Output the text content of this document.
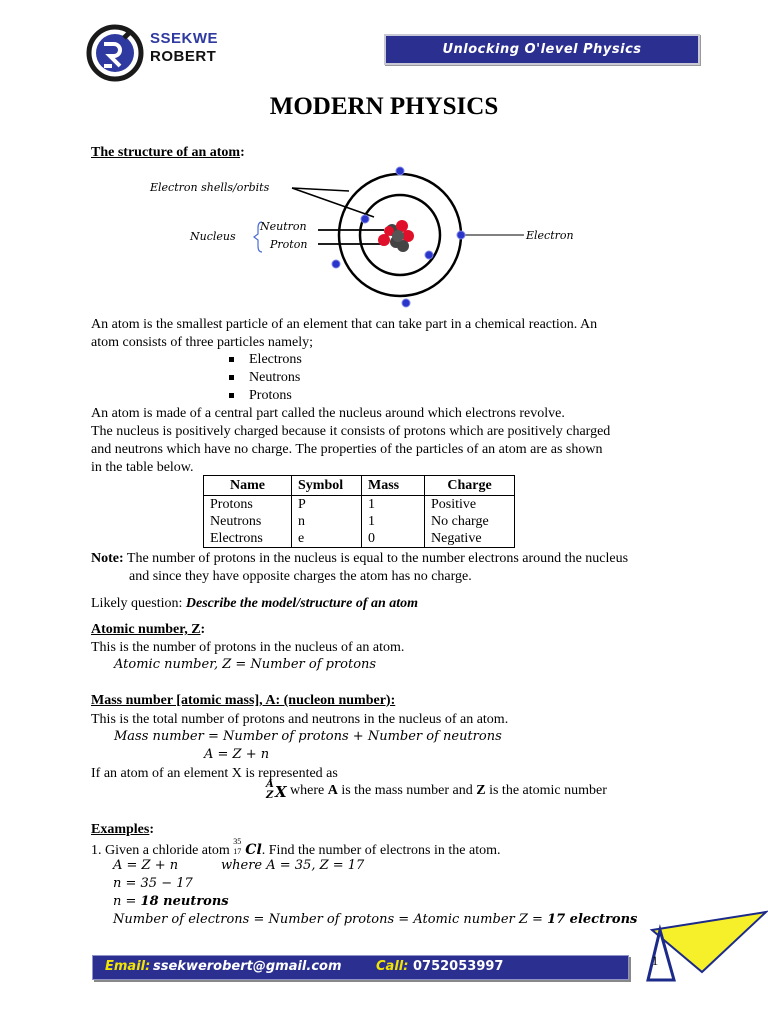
SSEKWE
ROBERT	Unlocking O'level Physics
MODERN PHYSICS
The structure of an atom:
Electron shells/orbits
Nucleus
Neutron
Proton
Electron
An atom is the smallest particle of an element that can take part in a chemical reaction. An
atom consists of three particles namely;
Electrons
Neutrons
Protons
An atom is made of a central part called the nucleus around which electrons revolve.
The nucleus is positively charged because it consists of protons which are positively charged
and neutrons which have no charge. The properties of the particles of an atom are as shown
in the table below.
Name	Symbol	Mass	Charge
Protons	P	1	Positive
Neutrons	n	1	No charge
Electrons	e	0	Negative
Note: The number of protons in the nucleus is equal to the number electrons around the nucleus
and since they have opposite charges the atom has no charge.
Likely question: Describe the model/structure of an atom
Atomic number, Z:
This is the number of protons in the nucleus of an atom.
Atomic number, Z = Number of protons
Mass number [atomic mass], A: (nucleon number):
This is the total number of protons and neutrons in the nucleus of an atom.
Mass number = Number of protons + Number of neutrons
A = Z + n
If an atom of an element X is represented as
A
Z X where A is the mass number and Z is the atomic number
Examples:
1. Given a chloride atom
35
17 Cl. Find the number of electrons in the atom.
A = Z + n	where A = 35, Z = 17
n = 35 − 17
n = 18 neutrons
Number of electrons = Number of protons = Atomic number Z = 17 electrons
1
Email: ssekwerobert@gmail.com	Call: 0752053997
